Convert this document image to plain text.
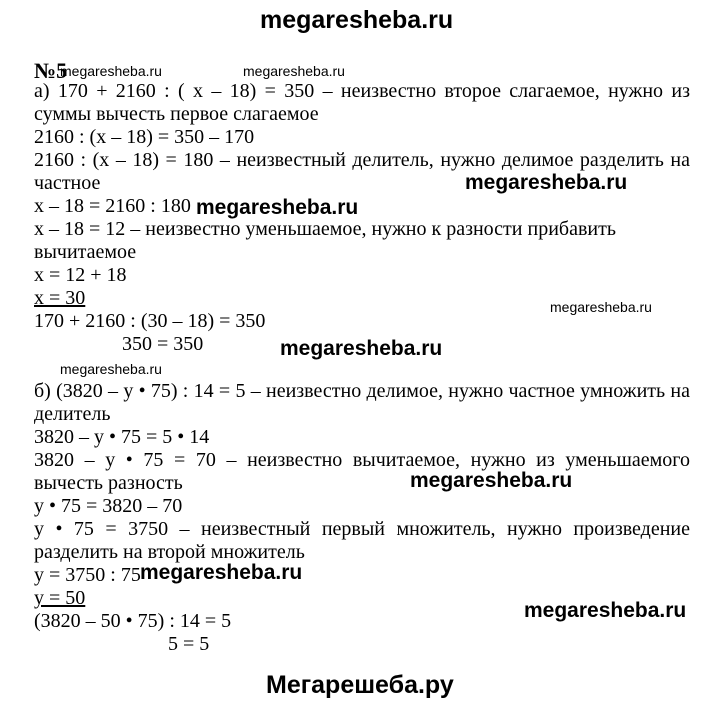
megaresheba.ru
№5
megaresheba.ru	megaresheba.ru
megaresheba.ru
megaresheba.ru
megaresheba.ru
megaresheba.ru
megaresheba.ru
megaresheba.ru
megaresheba.ru
megaresheba.ru
а) 170 + 2160 : ( x – 18) = 350 – неизвестно второе слагаемое, нужно из
суммы вычесть первое слагаемое
2160 : (x – 18) = 350 – 170
2160 : (x – 18) = 180 – неизвестный делитель, нужно делимое разделить на
частное
x – 18 = 2160 : 180
x – 18 = 12 – неизвестно уменьшаемое, нужно к разности прибавить
вычитаемое
x = 12 + 18
x = 30
170 + 2160 : (30 – 18) = 350
350 = 350
б) (3820 – y • 75) : 14 = 5 – неизвестно делимое, нужно частное умножить на
делитель
3820 – y • 75 = 5 • 14
3820 – y • 75 = 70 – неизвестно вычитаемое, нужно из уменьшаемого
вычесть разность
y • 75 = 3820 – 70
y • 75 = 3750 – неизвестный первый множитель, нужно произведение
разделить на второй множитель
y = 3750 : 75
y = 50
(3820 – 50 • 75) : 14 = 5
5 = 5
Мегарешеба.ру
